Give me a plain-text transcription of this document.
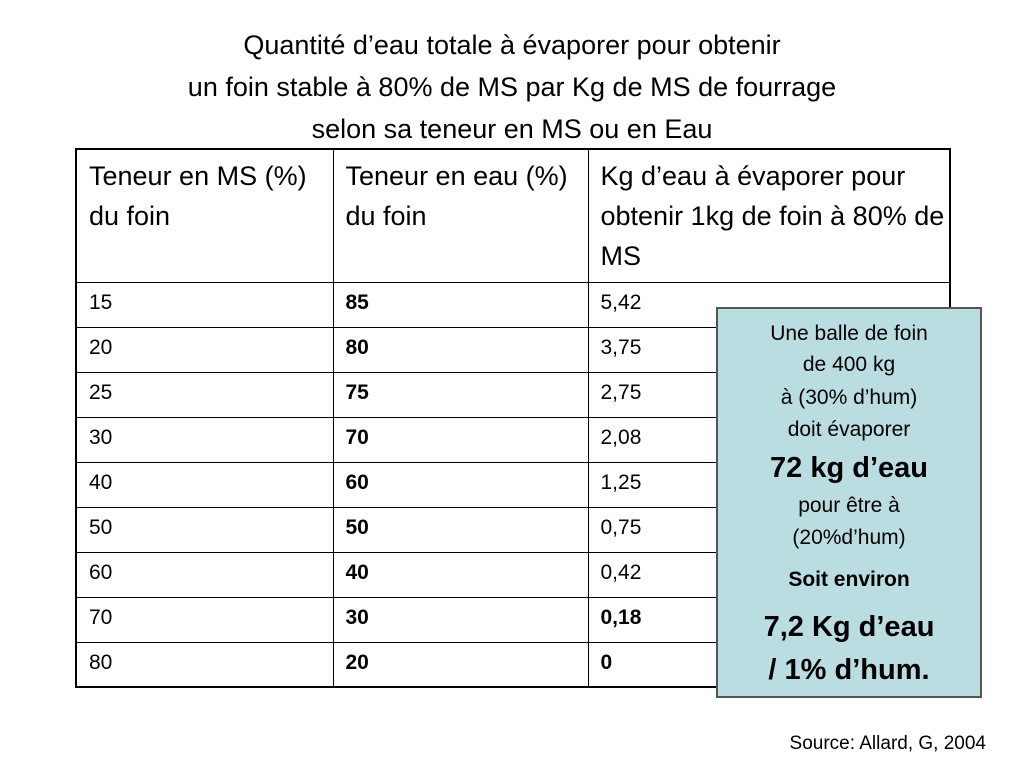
Quantité d’eau totale à évaporer pour obtenir
un foin stable à 80% de MS par Kg de MS de fourrage
selon sa teneur en MS ou en Eau
Teneur en MS (%) du foin	Teneur en eau (%) du foin	Kg d’eau à évaporer pour obtenir 1kg de foin à 80% de MS
15	85	5,42
20	80	3,75
25	75	2,75
30	70	2,08
40	60	1,25
50	50	0,75
60	40	0,42
70	30	0,18
80	20	0
Une balle de foin
de 400 kg
à (30% d’hum)
doit évaporer
72 kg d’eau
pour être à
(20%d’hum)
Soit environ
7,2 Kg d’eau
/ 1% d’hum.
Source: Allard, G, 2004
